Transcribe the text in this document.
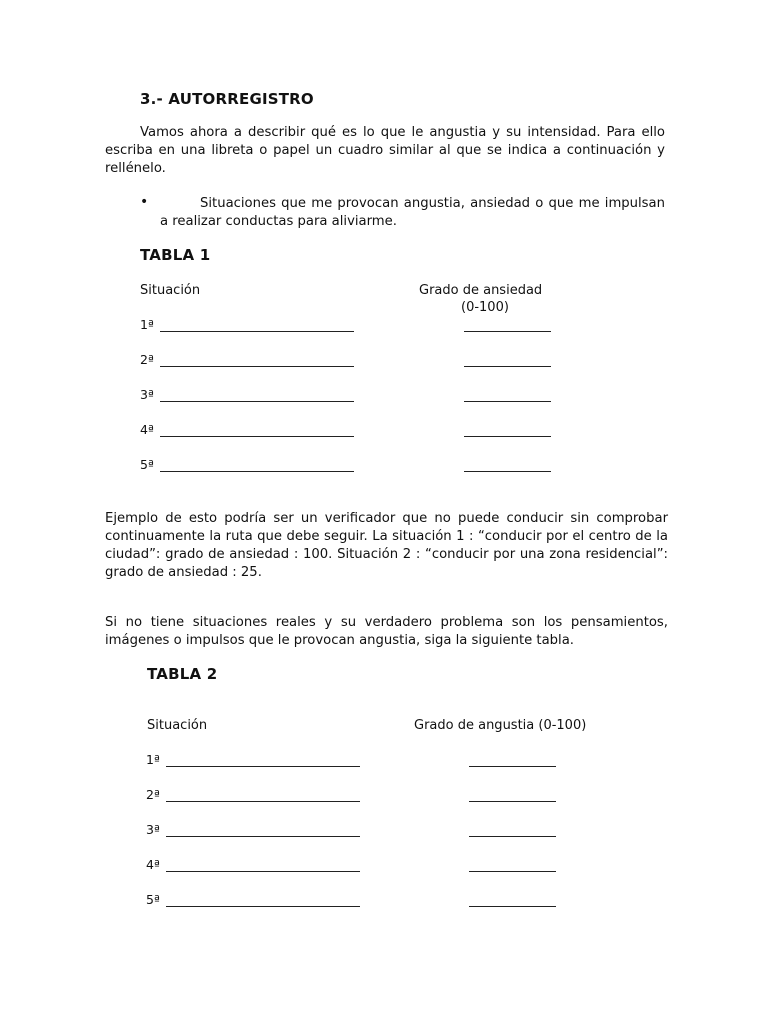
3.- AUTORREGISTRO
Vamos ahora a describir qué es lo que le angustia y su intensidad. Para ello escriba en una libreta o papel un cuadro similar al que se indica a continuación y rellénelo.
•	Situaciones que me provocan angustia, ansiedad o que me impulsan a realizar conductas para aliviarme.
TABLA 1
Situación	Grado de ansiedad
(0-100)
1ª
2ª
3ª
4ª
5ª
Ejemplo de esto podría ser un verificador que no puede conducir sin comprobar continuamente la ruta que debe seguir. La situación 1 : “conducir por el centro de la ciudad”: grado de ansiedad : 100. Situación 2 : “conducir por una zona residencial”: grado de ansiedad : 25.
Si no tiene situaciones reales y su verdadero problema son los pensamientos, imágenes o impulsos que le provocan angustia, siga la siguiente tabla.
TABLA 2
Situación	Grado de angustia (0-100)
1ª
2ª
3ª
4ª
5ª
